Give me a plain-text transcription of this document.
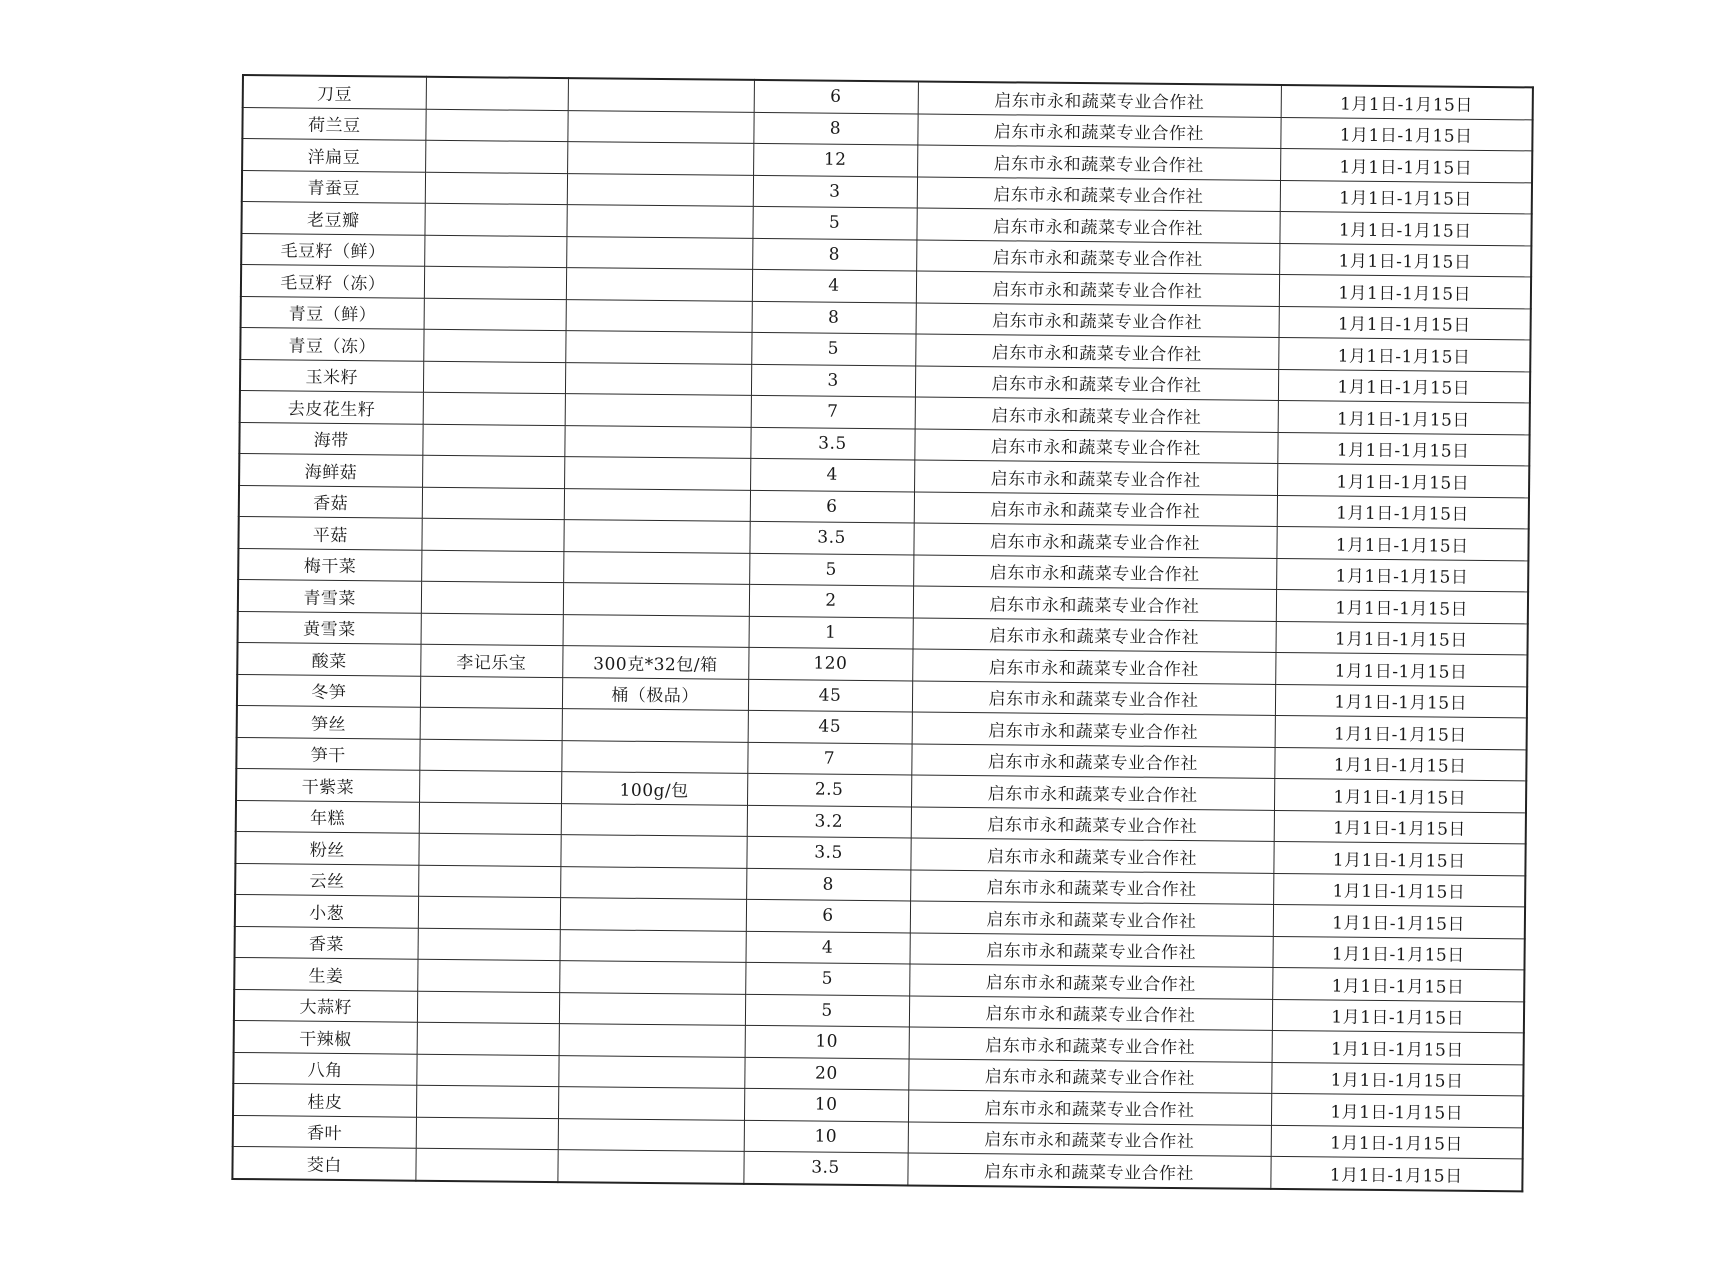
刀豆			6	启东市永和蔬菜专业合作社	1月1日-1月15日
荷兰豆			8	启东市永和蔬菜专业合作社	1月1日-1月15日
洋扁豆			12	启东市永和蔬菜专业合作社	1月1日-1月15日
青蚕豆			3	启东市永和蔬菜专业合作社	1月1日-1月15日
老豆瓣			5	启东市永和蔬菜专业合作社	1月1日-1月15日
毛豆籽（鲜）			8	启东市永和蔬菜专业合作社	1月1日-1月15日
毛豆籽（冻）			4	启东市永和蔬菜专业合作社	1月1日-1月15日
青豆（鲜）			8	启东市永和蔬菜专业合作社	1月1日-1月15日
青豆（冻）			5	启东市永和蔬菜专业合作社	1月1日-1月15日
玉米籽			3	启东市永和蔬菜专业合作社	1月1日-1月15日
去皮花生籽			7	启东市永和蔬菜专业合作社	1月1日-1月15日
海带			3.5	启东市永和蔬菜专业合作社	1月1日-1月15日
海鲜菇			4	启东市永和蔬菜专业合作社	1月1日-1月15日
香菇			6	启东市永和蔬菜专业合作社	1月1日-1月15日
平菇			3.5	启东市永和蔬菜专业合作社	1月1日-1月15日
梅干菜			5	启东市永和蔬菜专业合作社	1月1日-1月15日
青雪菜			2	启东市永和蔬菜专业合作社	1月1日-1月15日
黄雪菜			1	启东市永和蔬菜专业合作社	1月1日-1月15日
酸菜	李记乐宝	300克*32包/箱	120	启东市永和蔬菜专业合作社	1月1日-1月15日
冬笋		桶（极品）	45	启东市永和蔬菜专业合作社	1月1日-1月15日
笋丝			45	启东市永和蔬菜专业合作社	1月1日-1月15日
笋干			7	启东市永和蔬菜专业合作社	1月1日-1月15日
干紫菜		100g/包	2.5	启东市永和蔬菜专业合作社	1月1日-1月15日
年糕			3.2	启东市永和蔬菜专业合作社	1月1日-1月15日
粉丝			3.5	启东市永和蔬菜专业合作社	1月1日-1月15日
云丝			8	启东市永和蔬菜专业合作社	1月1日-1月15日
小葱			6	启东市永和蔬菜专业合作社	1月1日-1月15日
香菜			4	启东市永和蔬菜专业合作社	1月1日-1月15日
生姜			5	启东市永和蔬菜专业合作社	1月1日-1月15日
大蒜籽			5	启东市永和蔬菜专业合作社	1月1日-1月15日
干辣椒			10	启东市永和蔬菜专业合作社	1月1日-1月15日
八角			20	启东市永和蔬菜专业合作社	1月1日-1月15日
桂皮			10	启东市永和蔬菜专业合作社	1月1日-1月15日
香叶			10	启东市永和蔬菜专业合作社	1月1日-1月15日
茭白			3.5	启东市永和蔬菜专业合作社	1月1日-1月15日
